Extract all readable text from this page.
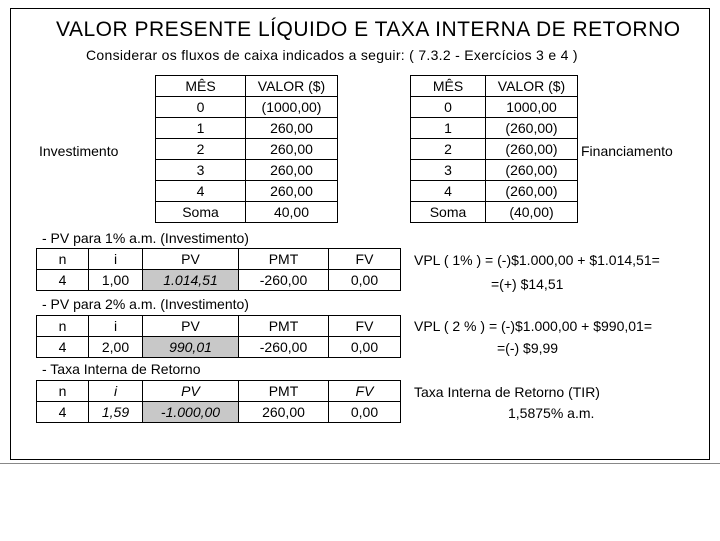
VALOR PRESENTE LÍQUIDO E TAXA INTERNA DE RETORNO
Considerar os fluxos de caixa indicados a seguir: ( 7.3.2 - Exercícios 3 e 4 )
MÊS	VALOR ($)
0	(1000,00)
1	260,00
2	260,00
3	260,00
4	260,00
Soma	40,00
Investimento
MÊS	VALOR ($)
0	1000,00
1	(260,00)
2	(260,00)
3	(260,00)
4	(260,00)
Soma	(40,00)
Financiamento
- PV para 1% a.m. (Investimento)
n	i	PV	PMT	FV
4	1,00	1.014,51	-260,00	0,00
VPL ( 1% ) = (-)$1.000,00 + $1.014,51=
=(+) $14,51
- PV para 2% a.m. (Investimento)
n	i	PV	PMT	FV
4	2,00	990,01	-260,00	0,00
VPL ( 2 % ) = (-)$1.000,00 + $990,01=
=(-) $9,99
- Taxa Interna de Retorno
n	i	PV	PMT	FV
4	1,59	-1.000,00	260,00	0,00
Taxa Interna de Retorno (TIR)
1,5875% a.m.
